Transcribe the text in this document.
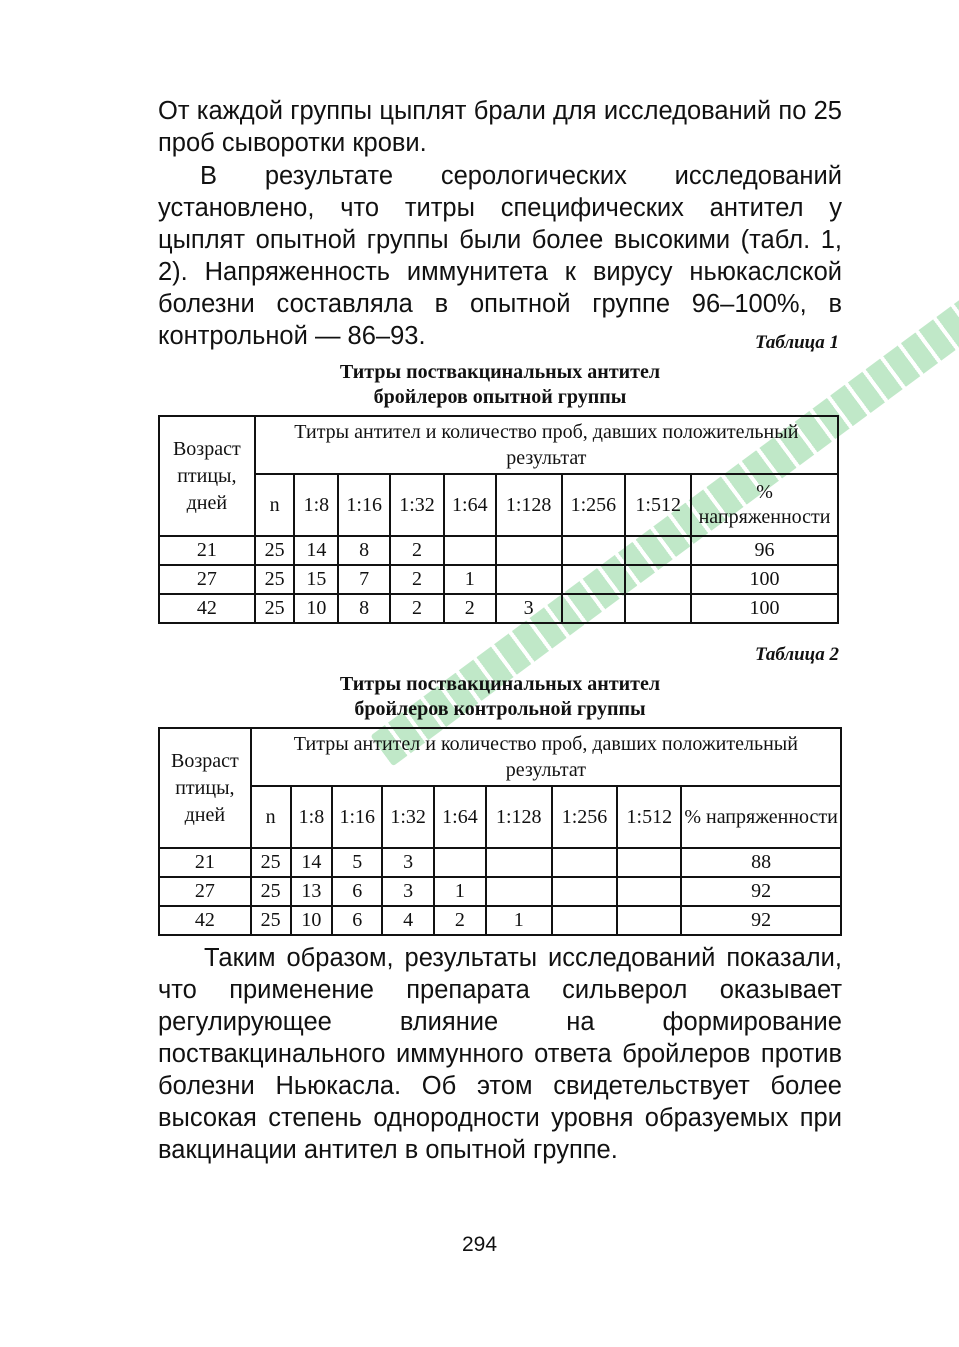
От каждой группы цыплят брали для исследований по 25 проб сыворотки крови.

В результате серологических исследований установлено, что титры специфических антител у цыплят опытной группы были более высокими (табл. 1, 2). Напряженность иммунитета к вирусу ньюкаслской болезни составляла в опытной группе 96–100%, в контрольной — 86–93.	Таблица 1
Титры поствакцинальных антител
бройлеров опытной группы
Возраст птицы, дней	Титры антител и количество проб, давших положительный результат								
	n	1:8	1:16	1:32	1:64	1:128	1:256	1:512	% напряженности
21	25	14	8	2					96
27	25	15	7	2	1				100
42	25	10	8	2	2	3			100
Таблица 2
Титры поствакцинальных антител
бройлеров контрольной группы
Возраст птицы, дней	Титры антител и количество проб, давших положительный результат								
	n	1:8	1:16	1:32	1:64	1:128	1:256	1:512	% напряженности
21	25	14	5	3					88
27	25	13	6	3	1				92
42	25	10	6	4	2	1			92

Таким образом, результаты исследований показали, что применение препарата сильверол оказывает регулирующее влияние на формирование поствакцинального иммунного ответа бройлеров против болезни Ньюкасла. Об этом свидетельствует более высокая степень однородности уровня образуемых при вакцинации антител в опытной группе.

294
